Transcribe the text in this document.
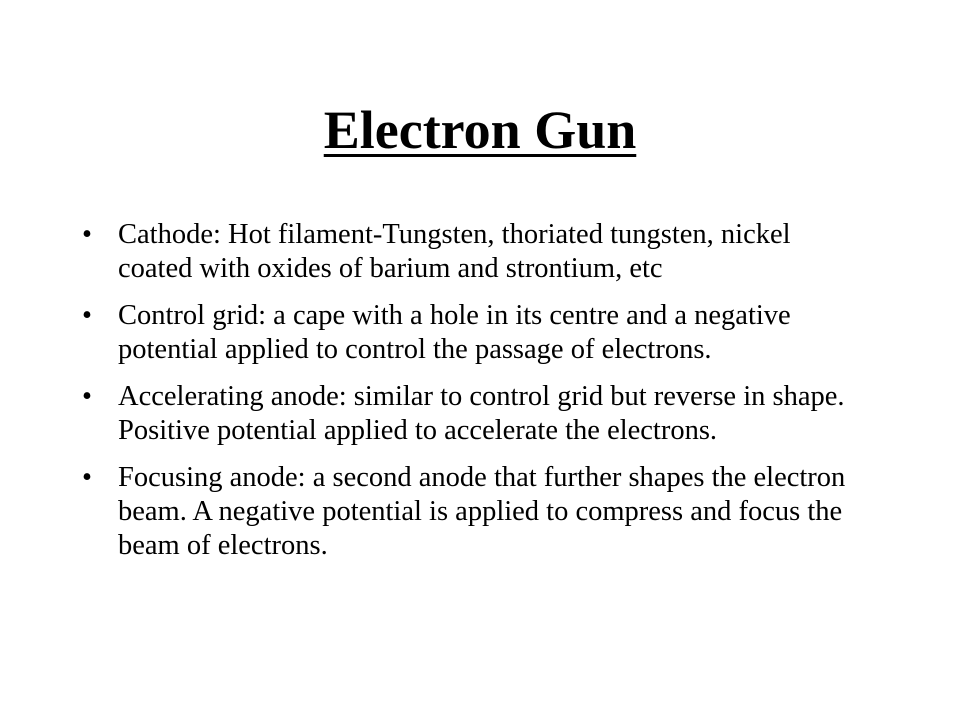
Electron Gun
• Cathode: Hot filament-Tungsten, thoriated tungsten, nickel coated with oxides of barium and strontium, etc
• Control grid: a cape with a hole in its centre and a negative potential applied to control the passage of electrons.
• Accelerating anode: similar to control grid but reverse in shape. Positive potential applied to accelerate the electrons.
• Focusing anode: a second anode that further shapes the electron beam. A negative potential is applied to compress and focus the beam of electrons.
